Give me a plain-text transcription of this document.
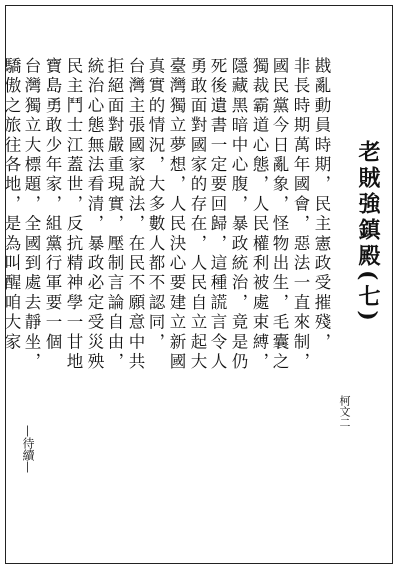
老賊強鎮殿(七)
柯文二
戡亂動員時期，民主憲政受摧殘，
非長時期萬年國會，惡法一直來制，
國民黨今日亂象，怪物出生，毛囊之
獨裁霸道心態，人民權利被處束縛，
隱藏黑暗中心腹，暴政統治，竟是仍
死後遺書一定要回歸，這種謊言令人
勇敢面對國家的存在，人民自立起大
臺灣獨立夢想，人民決心要建立新國
真實的情況，大多數人都不認同，
台灣主張國家說法，在民不願意中共
拒絕面對嚴重現實，壓制言論自由，
統治心態無法看清，暴政必定受災殃
民主鬥士江蓋世，反抗精神學一甘地
寶島勇敢少年家，組黨行軍要一個
台灣獨立大標題，全國到處去靜坐，
驕傲之旅往各地，是為叫醒咱大家
—待續—
